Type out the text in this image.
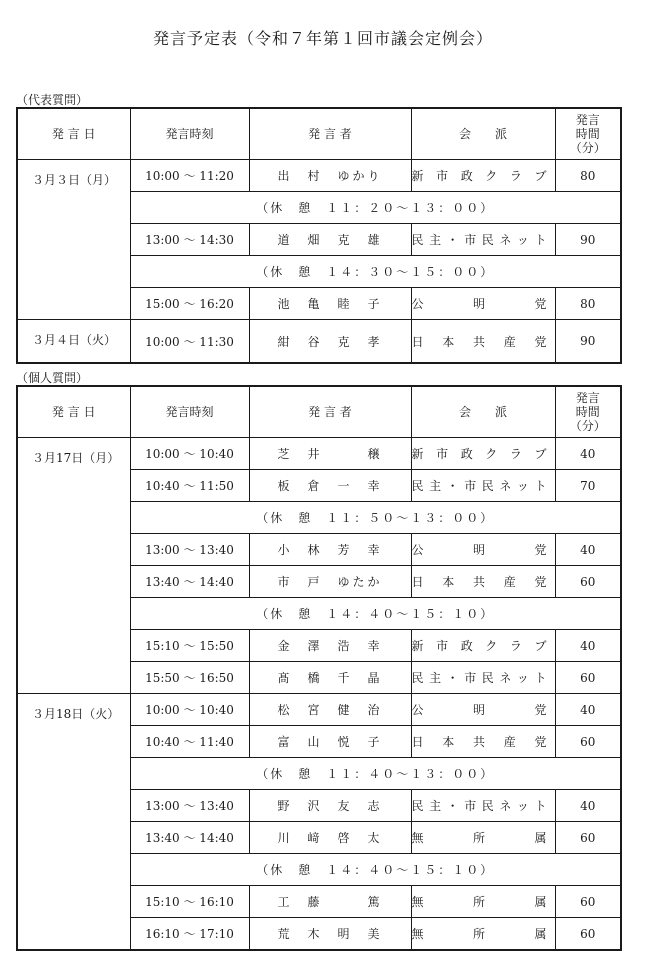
発言予定表（令和７年第１回市議会定例会）
（代表質問）
発 言 日	発言時刻	発 言 者	会　　派	発言
時間
（分）

３月３日（月）	10:00 ～ 11:20	出　村　ゆかり	新 市 政 ク ラ ブ	80
	（休　憩　１１：２０～１３：００）			
	13:00 ～ 14:30	道　畑　克　雄	民主・市民ネット	90
	（休　憩　１４：３０～１５：００）			
	15:00 ～ 16:20	池　亀　睦　子	公　　明　　党	80
３月４日（火）	10:00 ～ 11:30	紺　谷　克　孝	日 本 共 産 党	90
（個人質問）
発 言 日	発言時刻	発 言 者	会　　派	発言
時間
（分）

３月17日（月）	10:00 ～ 10:40	芝　井　　　穣	新 市 政 ク ラ ブ	40
	10:40 ～ 11:50	板　倉　一　幸	民主・市民ネット	70
	（休　憩　１１：５０～１３：００）			
	13:00 ～ 13:40	小　林　芳　幸	公　　明　　党	40
	13:40 ～ 14:40	市　戸　ゆたか	日 本 共 産 党	60
	（休　憩　１４：４０～１５：１０）			
	15:10 ～ 15:50	金　澤　浩　幸	新 市 政 ク ラ ブ	40
	15:50 ～ 16:50	髙　橋　千　晶	民主・市民ネット	60
３月18日（火）	10:00 ～ 10:40	松　宮　健　治	公　　明　　党	40
	10:40 ～ 11:40	富　山　悦　子	日 本 共 産 党	60
	（休　憩　１１：４０～１３：００）			
	13:00 ～ 13:40	野　沢　友　志	民主・市民ネット	40
	13:40 ～ 14:40	川　﨑　啓　太	無　　所　　属	60
	（休　憩　１４：４０～１５：１０）			
	15:10 ～ 16:10	工　藤　　　篤	無　　所　　属	60
	16:10 ～ 17:10	荒　木　明　美	無　　所　　属	60
